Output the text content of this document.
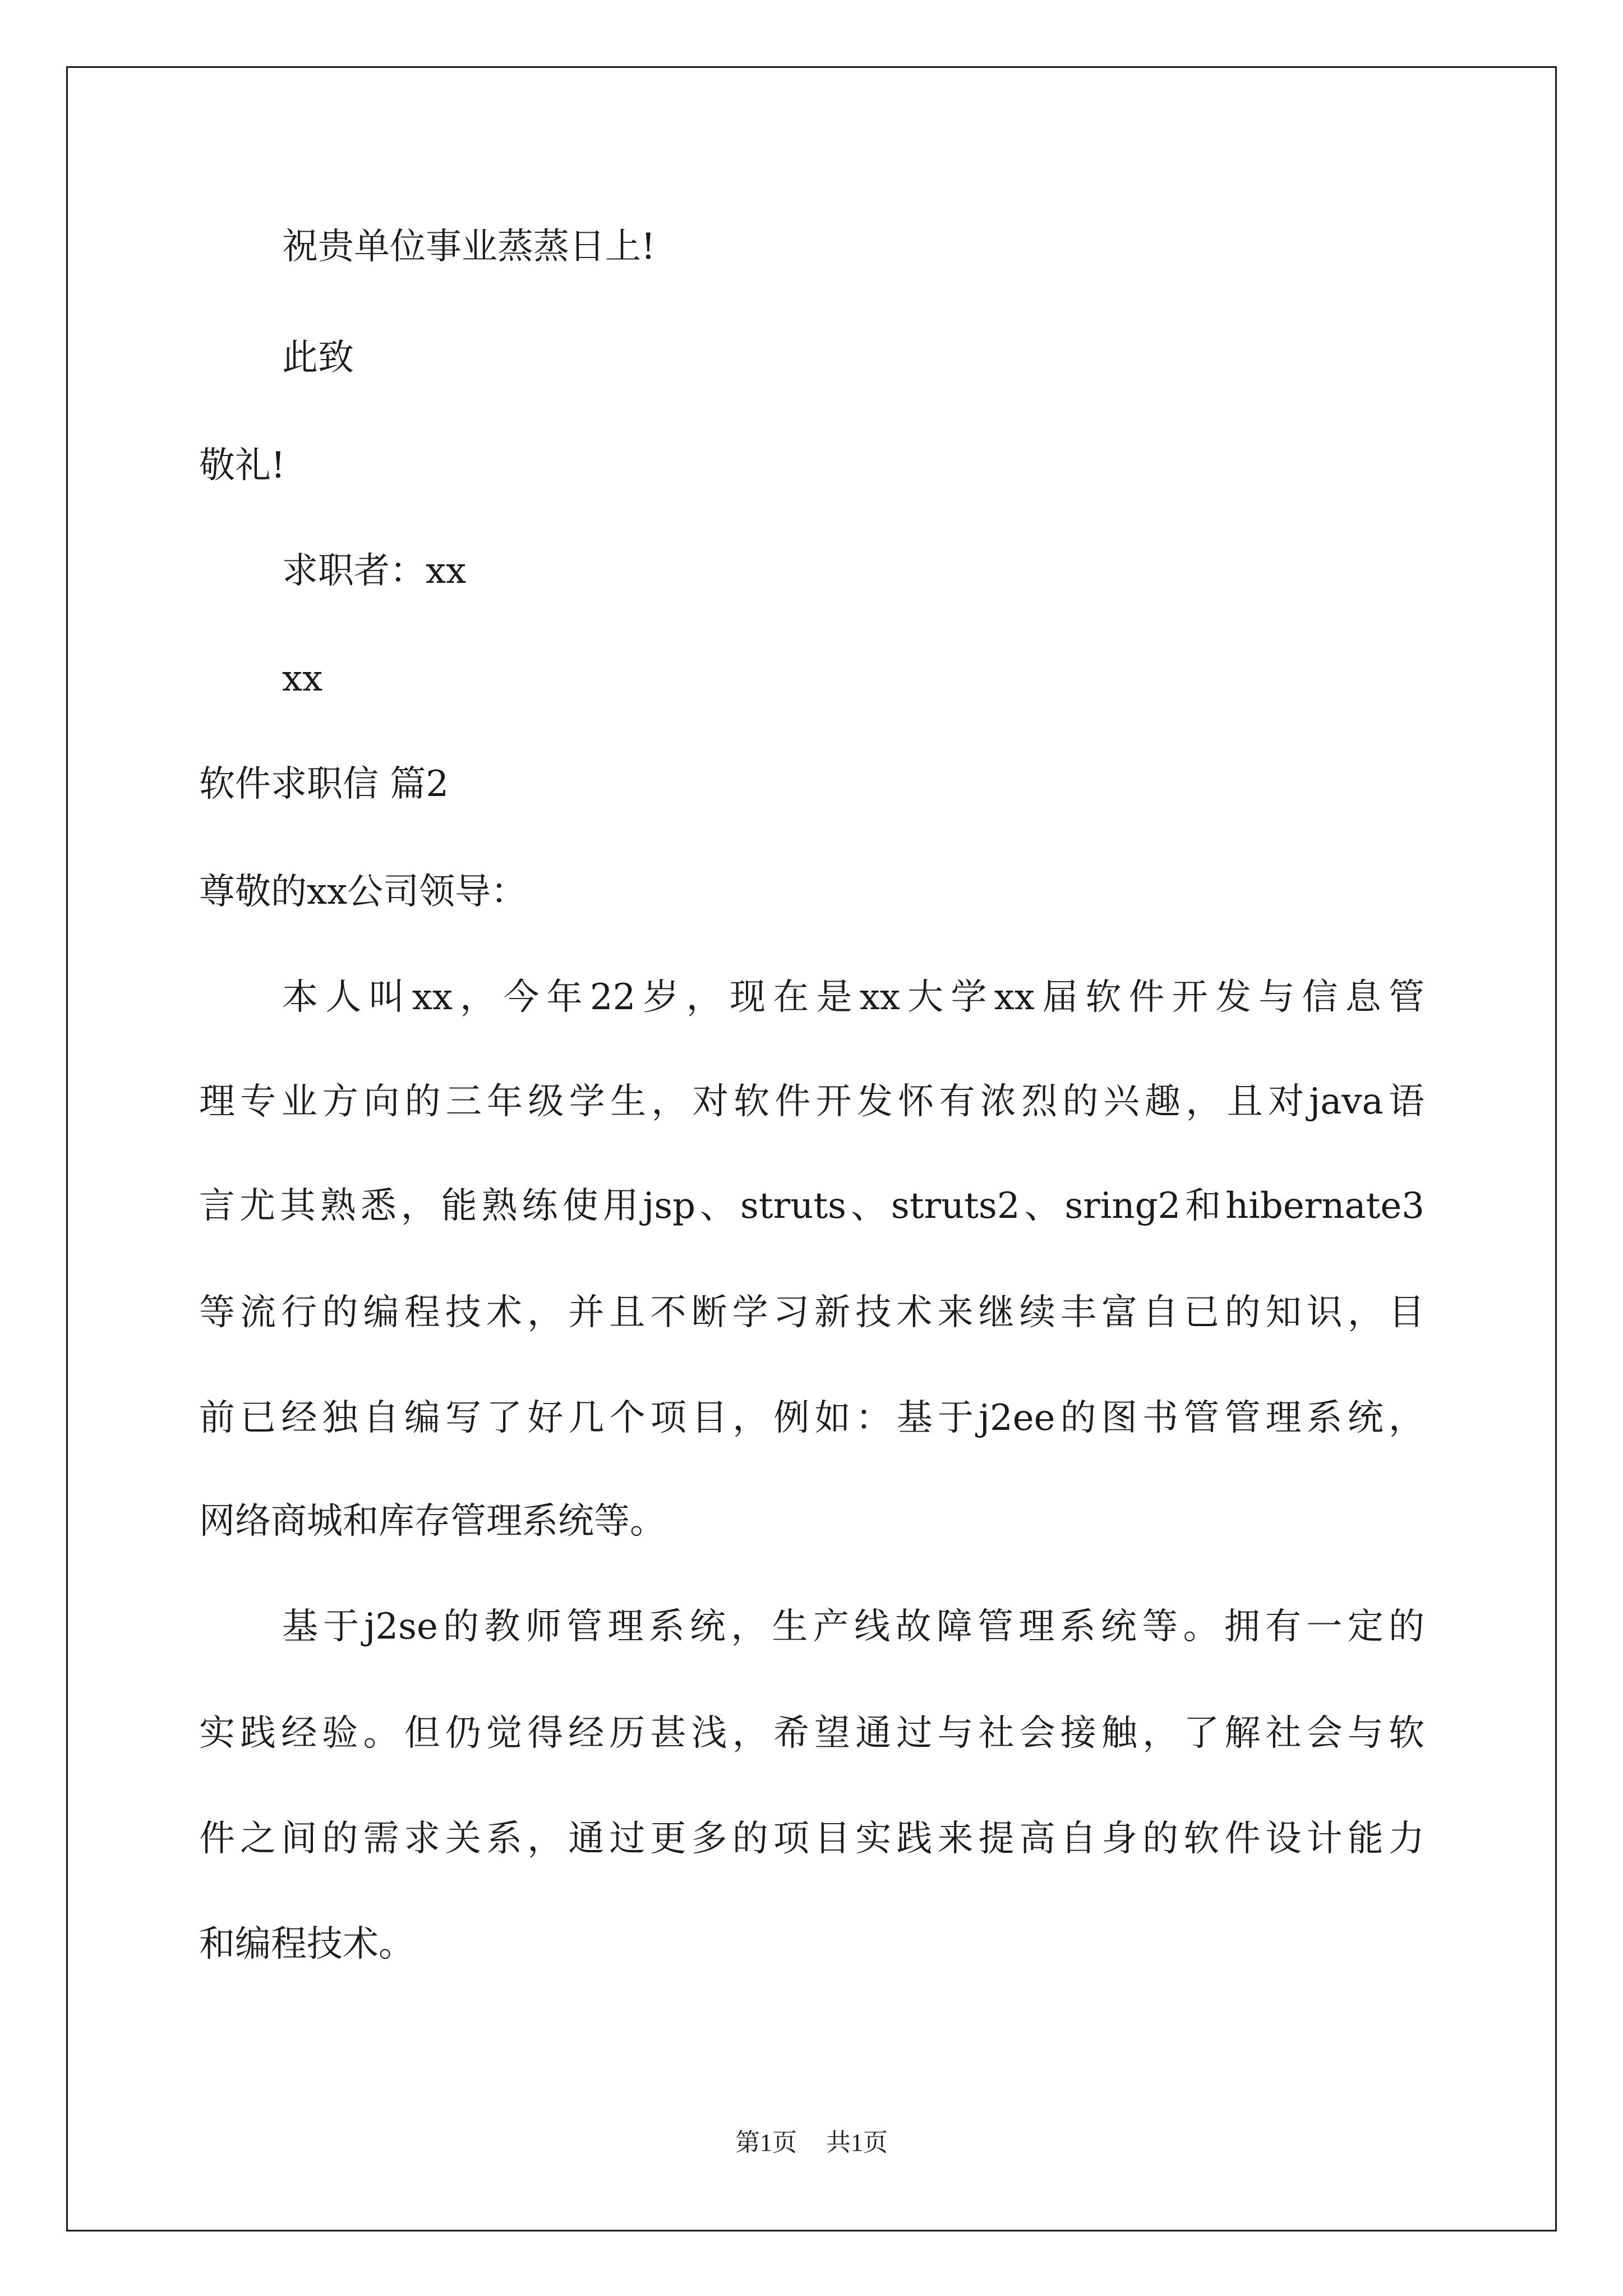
祝贵单位事业蒸蒸日上!
此致
敬礼!
求职者：xx
xx
软件求职信 篇2
尊敬的xx公司领导：
本人叫xx，今年22岁，现在是xx大学xx届软件开发与信息管
理专业方向的三年级学生，对软件开发怀有浓烈的兴趣，且对java语
言尤其熟悉，能熟练使用jsp、struts、struts2、sring2和hibernate3
等流行的编程技术，并且不断学习新技术来继续丰富自已的知识，目
前已经独自编写了好几个项目，例如：基于j2ee的图书管管理系统，
网络商城和库存管理系统等。
基于j2se的教师管理系统，生产线故障管理系统等。拥有一定的
实践经验。但仍觉得经历甚浅，希望通过与社会接触，了解社会与软
件之间的需求关系，通过更多的项目实践来提高自身的软件设计能力
和编程技术。
第1页 共1页
